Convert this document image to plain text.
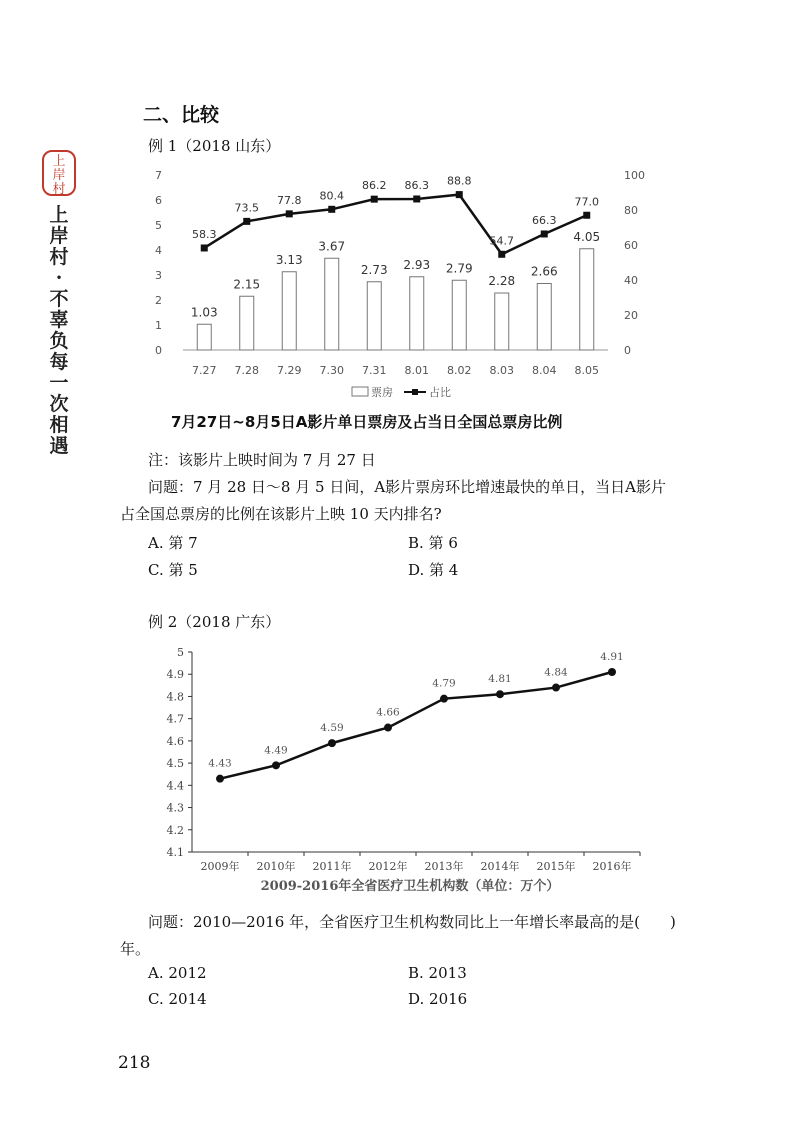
上岸村
上岸村·不辜负每一次相遇
二、比较
例 1（2018 山东）
0
1
2
3
4
5
6
7
0
20
40
60
80
100
1.03
2.15
3.13
3.67
2.73 2.93 2.79
2.28
2.66
4.05
58.3
73.5
77.8 80.4
86.2 86.3 88.8
54.7
66.3
77.0
7.27 7.28 7.29 7.30 7.31 8.01 8.02 8.03 8.04 8.05
票房	占比
7月27日~8月5日A影片单日票房及占当日全国总票房比例
注：该影片上映时间为 7 月 27 日
问题：7 月 28 日～8 月 5 日间，A影片票房环比增速最快的单日，当日A影片
占全国总票房的比例在该影片上映 10 天内排名?
A. 第 7	B. 第 6
C. 第 5	D. 第 4
例 2（2018 广东）
4.1
4.2
4.3
4.4
4.5
4.6
4.7
4.8
4.9
5
4.43
4.49
4.59
4.66
4.79	4.81
4.84
4.91
2009年 2010年 2011年 2012年 2013年 2014年 2015年 2016年
2009-2016年全省医疗卫生机构数（单位：万个）
问题：2010—2016 年，全省医疗卫生机构数同比上一年增长率最高的是(　　)
年。
A. 2012	B. 2013
C. 2014	D. 2016
218
